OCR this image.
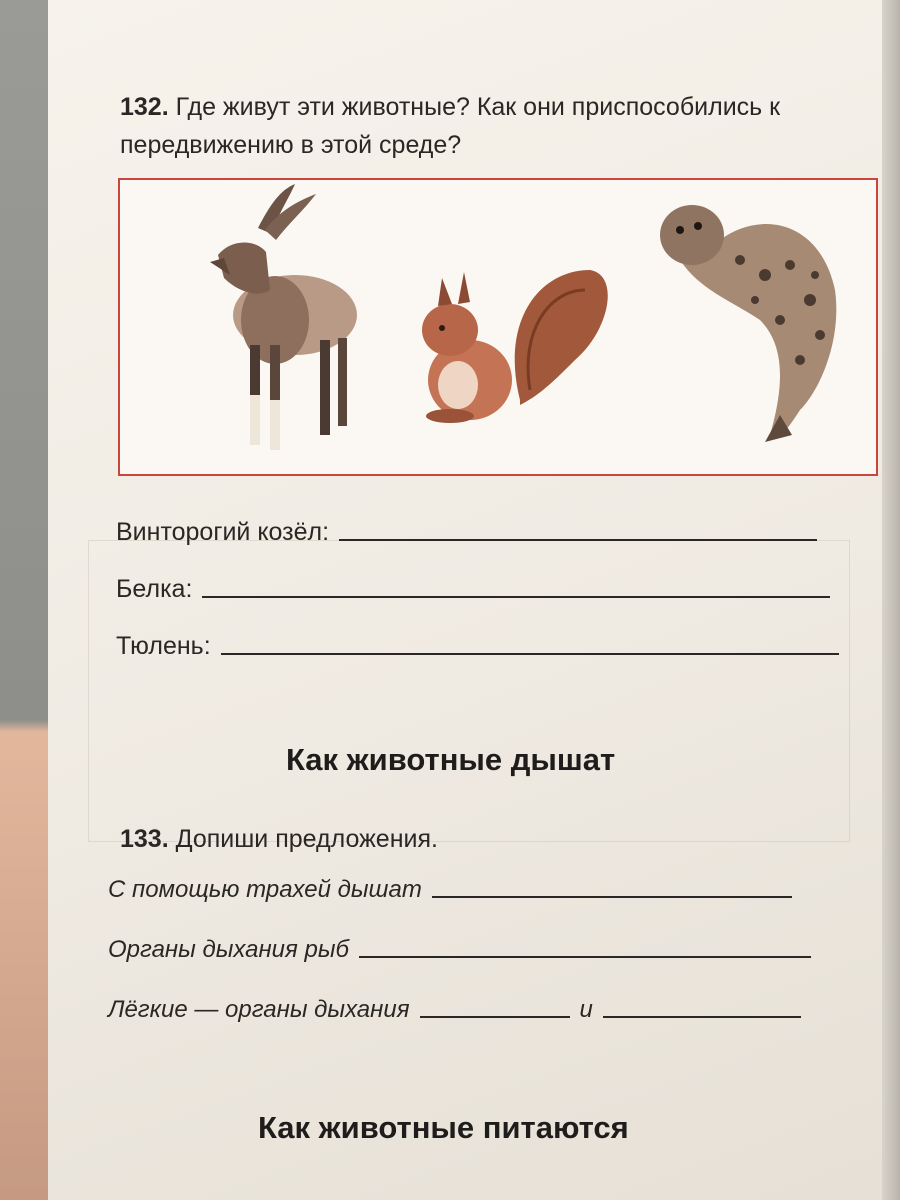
132. Где живут эти животные? Как они приспособились к передвижению в этой среде?
Винторогий козёл:
Белка:
Тюлень:
Как животные дышат
133. Допиши предложения.
С помощью трахей дышат
Органы дыхания рыб
Лёгкие — органы дыхания	и
Как животные питаются
